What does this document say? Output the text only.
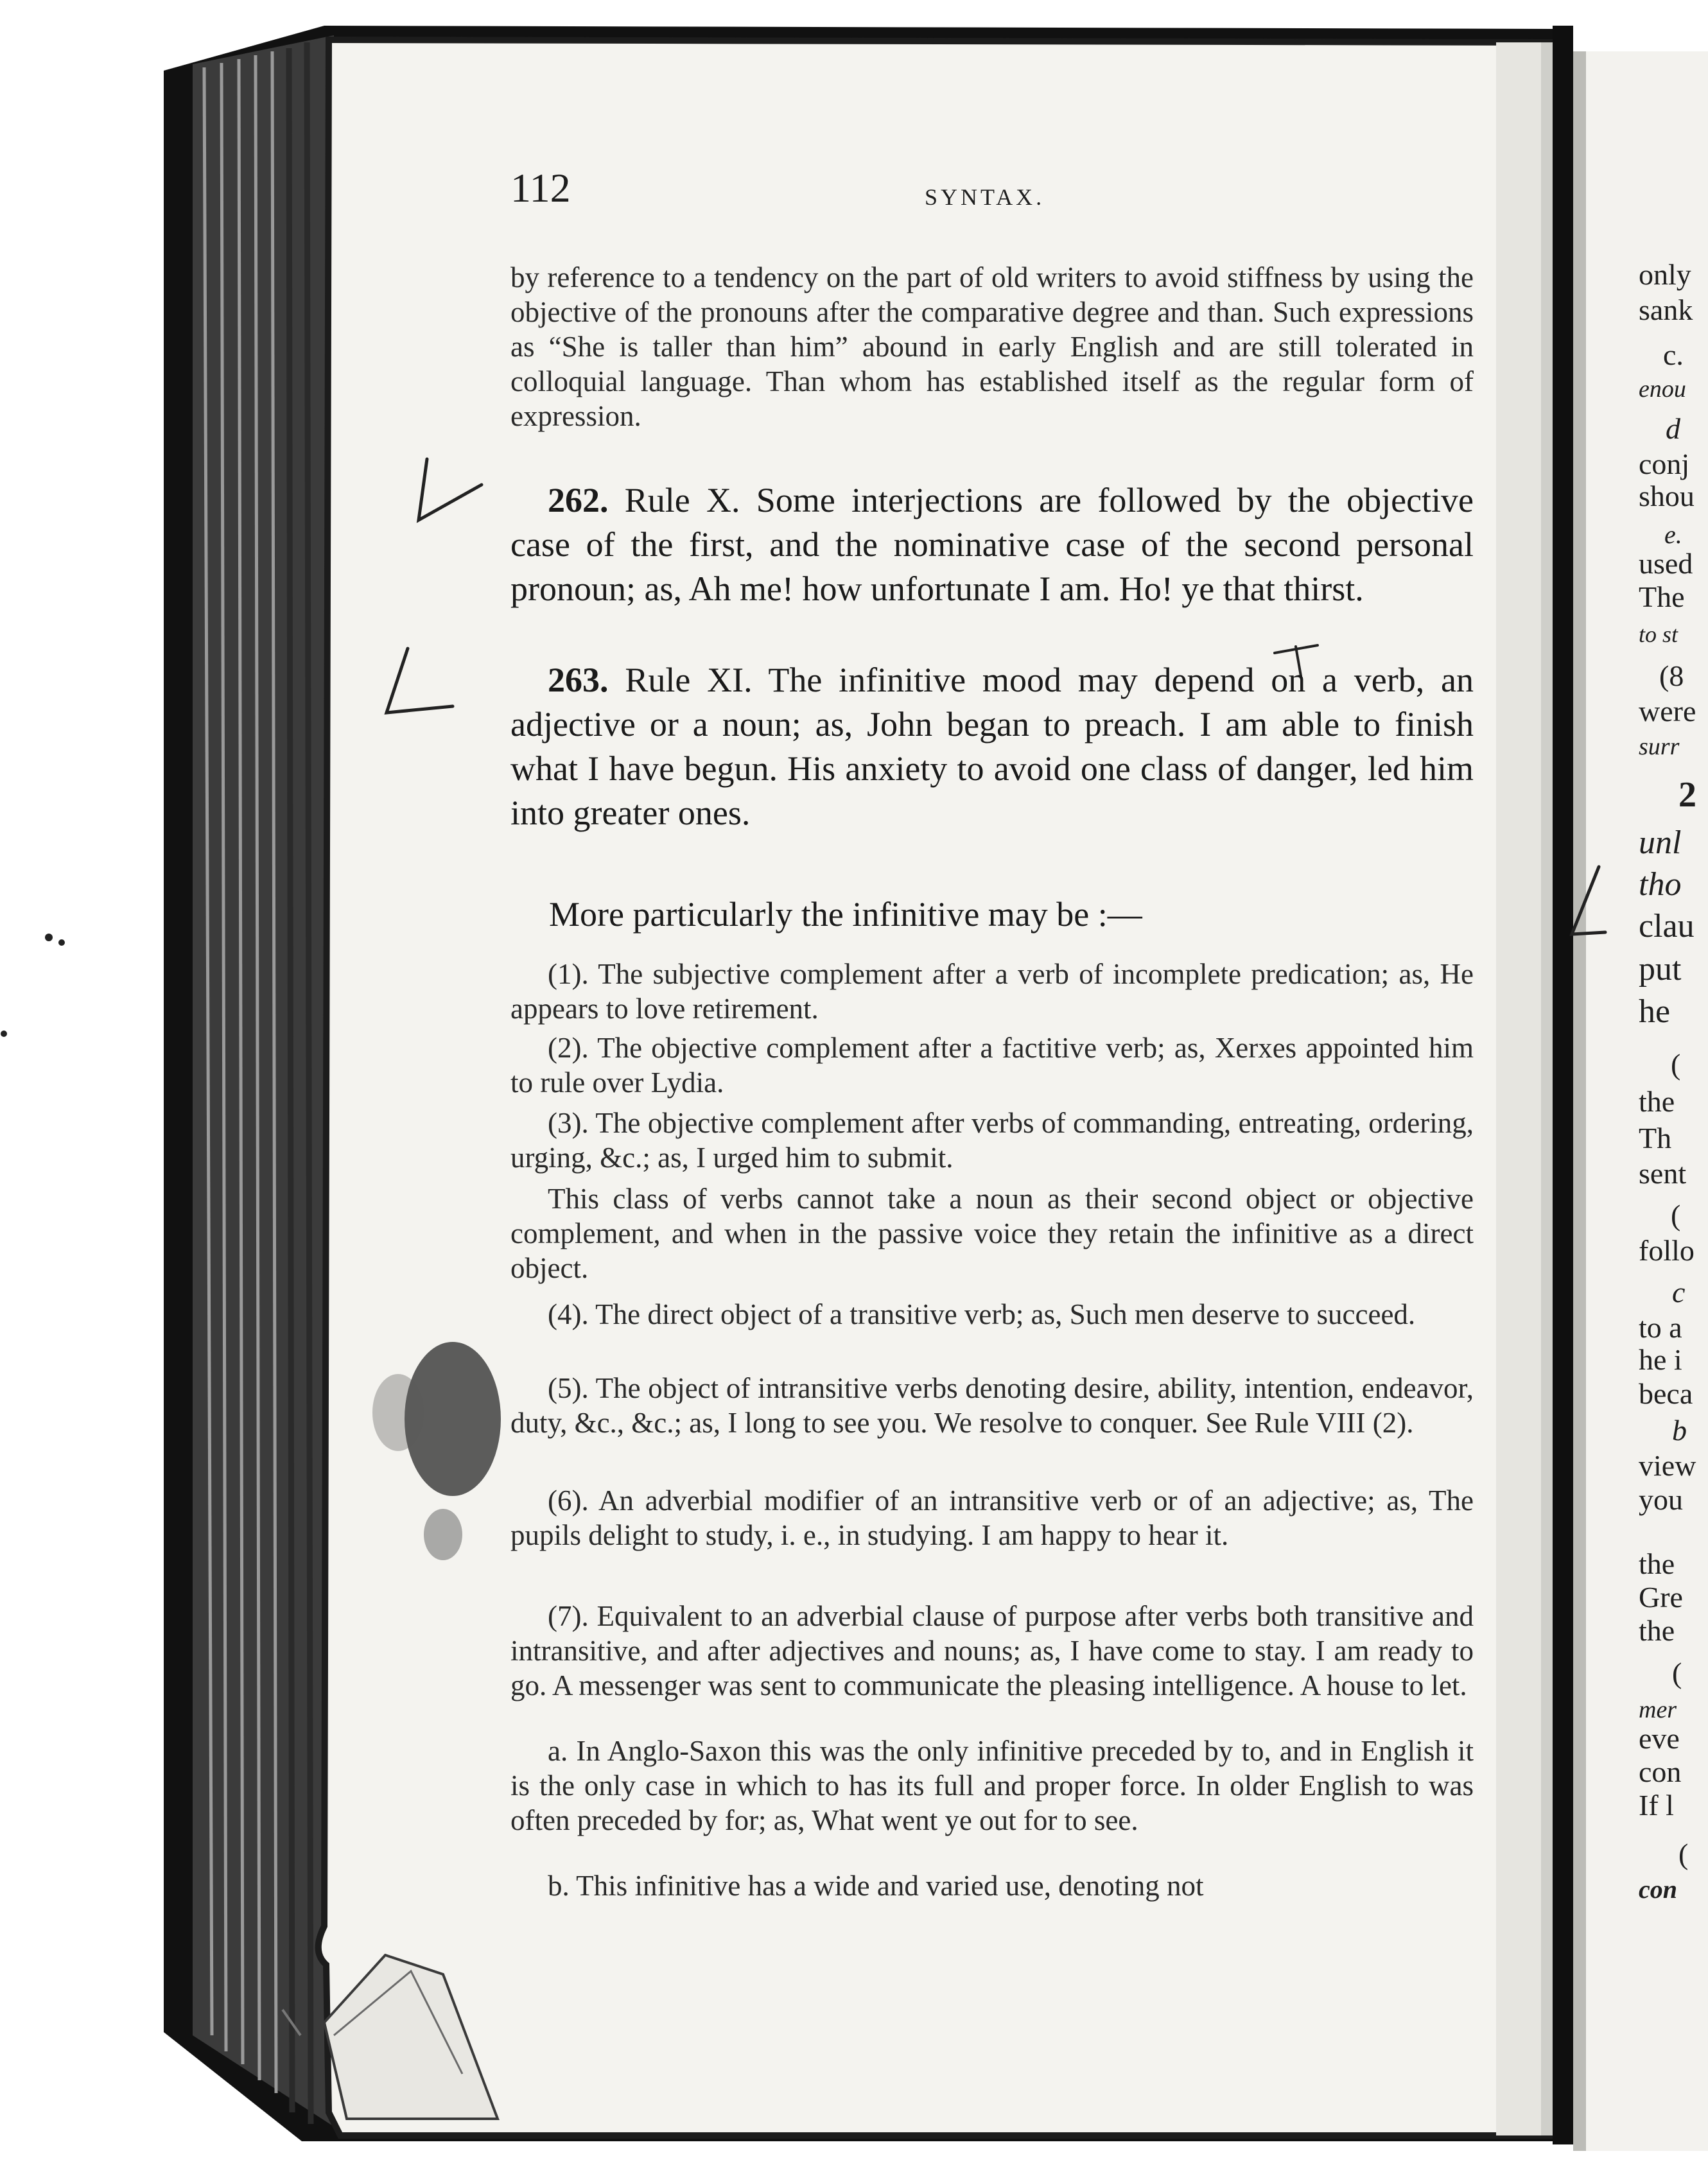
112	SYNTAX.

by reference to a tendency on the part of old writers to avoid stiffness by using the objective of the pronouns after the comparative degree and than. Such expressions as “She is taller than him” abound in early English and are still tolerated in colloquial language. Than whom has established itself as the regular form of expression.

262. Rule X. Some interjections are followed by the objective case of the first, and the nominative case of the second personal pronoun; as, Ah me! how unfortunate I am. Ho! ye that thirst.

263. Rule XI. The infinitive mood may depend on a verb, an adjective or a noun; as, John began to preach. I am able to finish what I have begun. His anxiety to avoid one class of danger, led him into greater ones.

More particularly the infinitive may be :—

(1). The subjective complement after a verb of incomplete predication; as, He appears to love retirement.

(2). The objective complement after a factitive verb; as, Xerxes appointed him to rule over Lydia.

(3). The objective complement after verbs of commanding, entreating, ordering, urging, &c.; as, I urged him to submit.

This class of verbs cannot take a noun as their second object or objective complement, and when in the passive voice they retain the infinitive as a direct object.

(4). The direct object of a transitive verb; as, Such men deserve to succeed.

(5). The object of intransitive verbs denoting desire, ability, intention, endeavor, duty, &c., &c.; as, I long to see you. We resolve to conquer. See Rule VIII (2).

(6). An adverbial modifier of an intransitive verb or of an adjective; as, The pupils delight to study, i. e., in studying. I am happy to hear it.

(7). Equivalent to an adverbial clause of purpose after verbs both transitive and intransitive, and after adjectives and nouns; as, I have come to stay. I am ready to go. A messenger was sent to communicate the pleasing intelligence. A house to let.

a. In Anglo-Saxon this was the only infinitive preceded by to, and in English it is the only case in which to has its full and proper force. In older English to was often preceded by for; as, What went ye out for to see.

b. This infinitive has a wide and varied use, denoting not

only
sank
c.
enou
d
conj
shou
e.
used
The
to st
(8
were
surr
2
unl
tho
clau
put
he
(
the
Th
sent
(
follo
c
to a
he i
beca
b
view
you
the
Gre
the
(
mer
eve
con
If l
(
con
